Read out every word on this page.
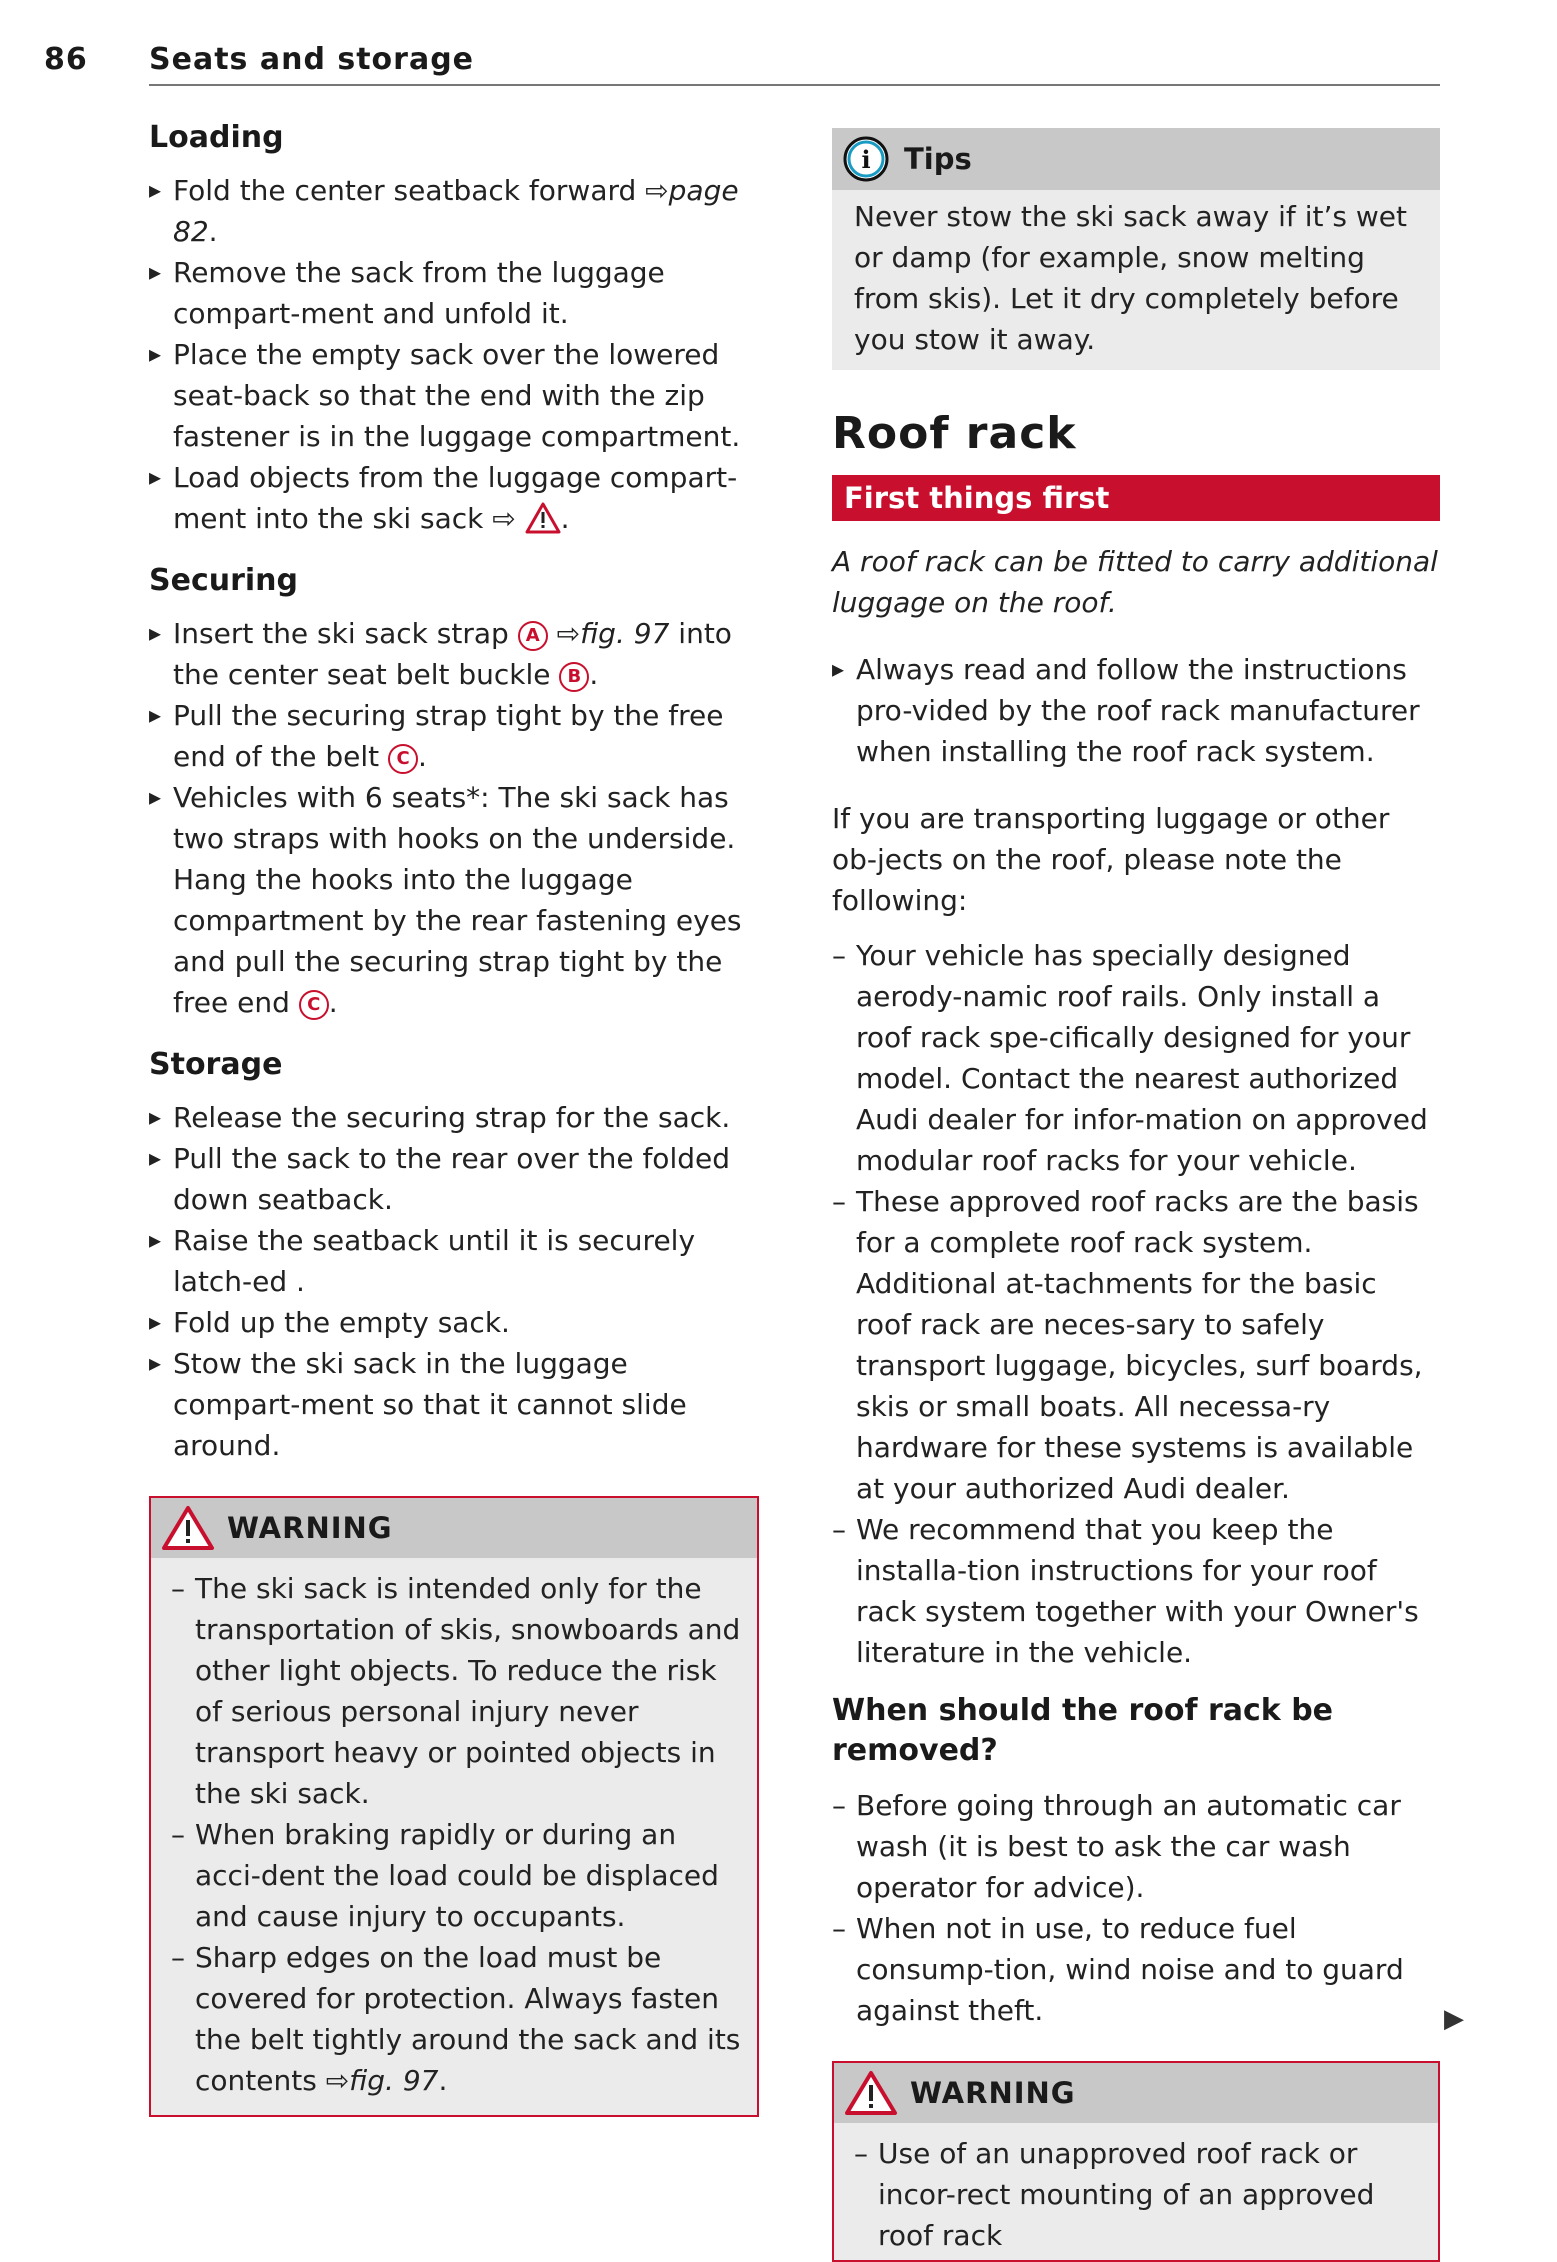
86 Seats and storage
Loading
▸ Fold the center seatback forward ⇨page 82.
▸ Remove the sack from the luggage compart-ment and unfold it.
▸ Place the empty sack over the lowered seat-back so that the end with the zip fastener is in the luggage compartment.
▸ Load objects from the luggage compart-ment into the ski sack ⇨ .
Securing
▸ Insert the ski sack strap A ⇨fig. 97 into the center seat belt buckle B .
▸ Pull the securing strap tight by the free end of the belt C .
▸ Vehicles with 6 seats*: The ski sack has two straps with hooks on the underside. Hang the hooks into the luggage compartment by the rear fastening eyes and pull the securing strap tight by the free end C .
Storage
▸ Release the securing strap for the sack.
▸ Pull the sack to the rear over the folded down seatback.
▸ Raise the seatback until it is securely latch-ed .
▸ Fold up the empty sack.
▸ Stow the ski sack in the luggage compart-ment so that it cannot slide around.
WARNING
– The ski sack is intended only for the transportation of skis, snowboards and other light objects. To reduce the risk of serious personal injury never transport heavy or pointed objects in the ski sack.
– When braking rapidly or during an acci-dent the load could be displaced and cause injury to occupants.
– Sharp edges on the load must be covered for protection. Always fasten the belt tightly around the sack and its contents ⇨fig. 97.
i Tips
Never stow the ski sack away if it’s wet or damp (for example, snow melting from skis). Let it dry completely before you stow it away.
Roof rack
First things first
A roof rack can be fitted to carry additional luggage on the roof.
▸ Always read and follow the instructions pro-vided by the roof rack manufacturer when installing the roof rack system.
If you are transporting luggage or other ob-jects on the roof, please note the following:
– Your vehicle has specially designed aerody-namic roof rails. Only install a roof rack spe-cifically designed for your model. Contact the nearest authorized Audi dealer for infor-mation on approved modular roof racks for your vehicle.
– These approved roof racks are the basis for a complete roof rack system. Additional at-tachments for the basic roof rack are neces-sary to safely transport luggage, bicycles, surf boards, skis or small boats. All necessa-ry hardware for these systems is available at your authorized Audi dealer.
– We recommend that you keep the installa-tion instructions for your roof rack system together with your Owner's literature in the vehicle.
When should the roof rack be removed?
– Before going through an automatic car wash (it is best to ask the car wash operator for advice).
– When not in use, to reduce fuel consump-tion, wind noise and to guard against theft.
WARNING
– Use of an unapproved roof rack or incor-rect mounting of an approved roof rack
▶
